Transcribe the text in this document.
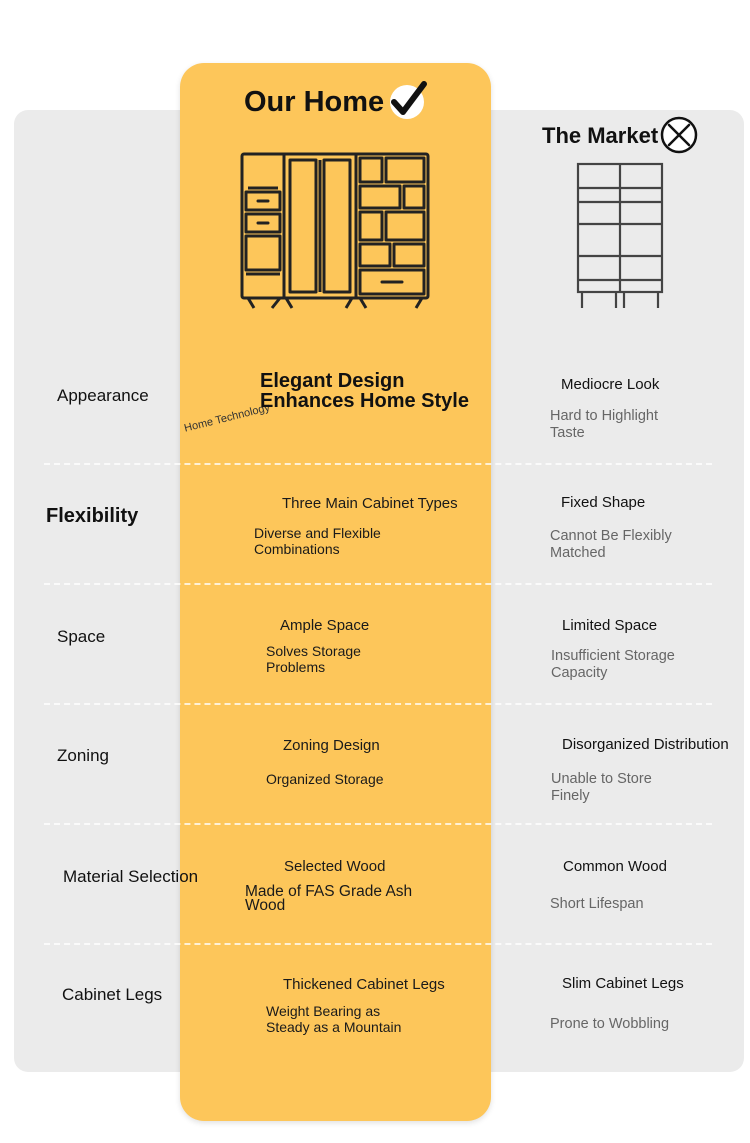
Our Home
The Market
Home Technology
Appearance
Elegant Design Enhances Home Style
Mediocre Look
Hard to Highlight Taste
Flexibility
Three Main Cabinet Types
Diverse and Flexible Combinations
Fixed Shape
Cannot Be Flexibly Matched
Space
Ample Space
Solves Storage Problems
Limited Space
Insufficient Storage Capacity
Zoning
Zoning Design
Organized Storage
Disorganized Distribution
Unable to Store Finely
Material Selection
Selected Wood
Made of FAS Grade Ash Wood
Common Wood
Short Lifespan
Cabinet Legs
Thickened Cabinet Legs
Weight Bearing as Steady as a Mountain
Slim Cabinet Legs
Prone to Wobbling
